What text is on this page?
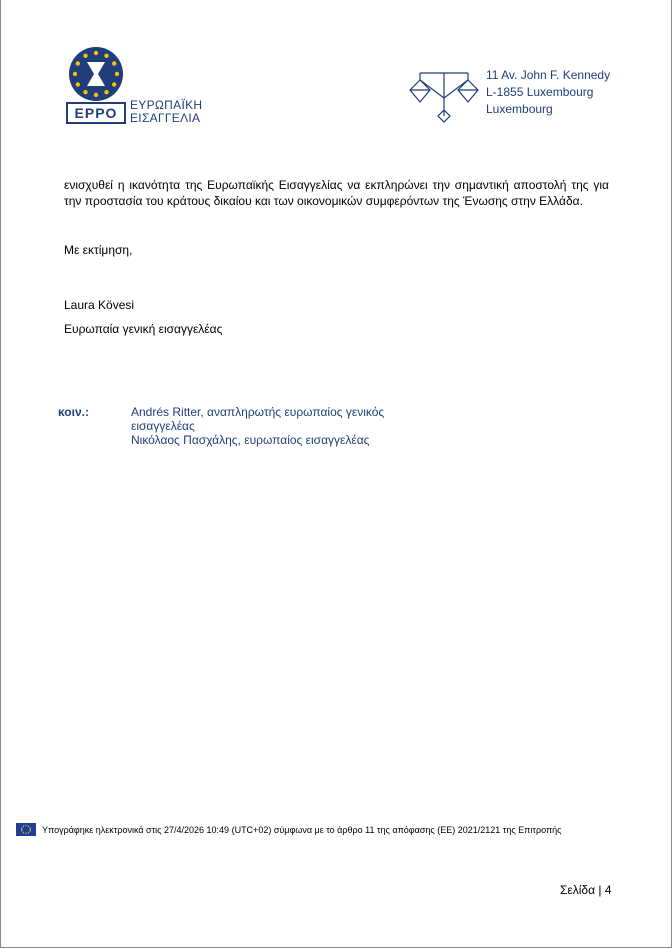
EPPO	ΕΥΡΩΠΑΪΚΗ
ΕΙΣΑΓΓΕΛΙΑ
11 Av. John F. Kennedy
L-1855 Luxembourg
Luxembourg
ενισχυθεί η ικανότητα της Ευρωπαϊκής Εισαγγελίας να εκπληρώνει την σημαντική αποστολή της για την προστασία του κράτους δικαίου και των οικονομικών συμφερόντων της Ένωσης στην Ελλάδα.
Με εκτίμηση,
Laura Kövesi
Ευρωπαία γενική εισαγγελέας
κοιν.:	Andrés Ritter, αναπληρωτής ευρωπαίος γενικός εισαγγελέας

Νικόλαος Πασχάλης, ευρωπαίος εισαγγελέας

Υπογράφηκε ηλεκτρονικά στις 27/4/2026 10:49 (UTC+02) σύμφωνα με το άρθρο 11 της απόφασης (ΕΕ) 2021/2121 της Επιτροπής
Σελίδα | 4
